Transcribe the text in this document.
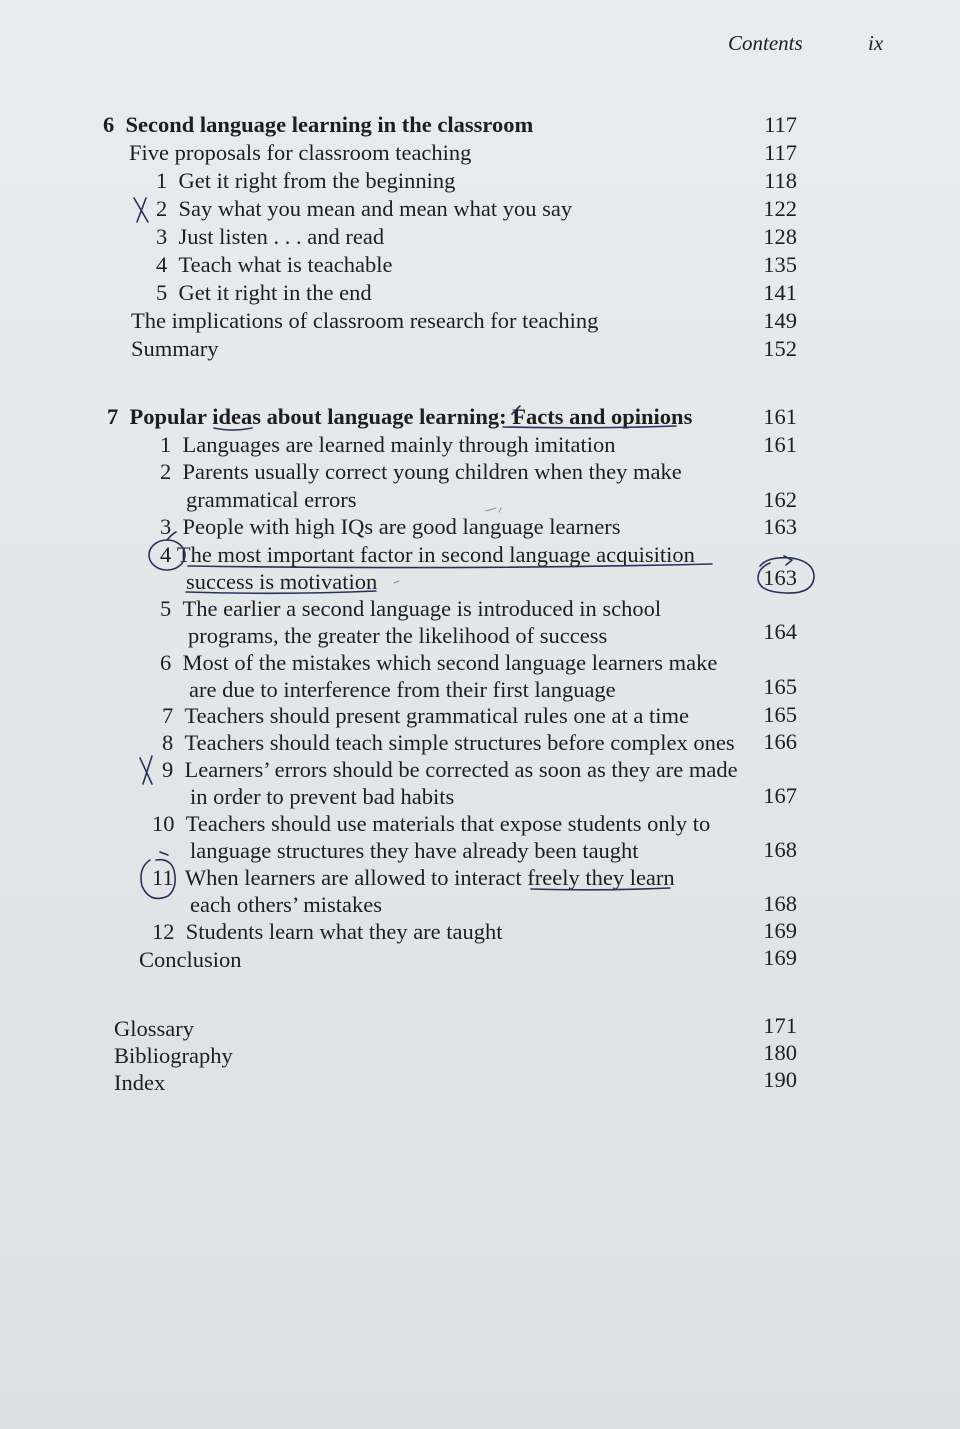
Contents	ix
6 Second language learning in the classroom	117
Five proposals for classroom teaching	117
1 Get it right from the beginning	118
2 Say what you mean and mean what you say	122
3 Just listen . . . and read	128
4 Teach what is teachable	135
5 Get it right in the end	141
The implications of classroom research for teaching	149
Summary	152
7 Popular ideas about language learning: Facts and opinions	161
1 Languages are learned mainly through imitation	161
2 Parents usually correct young children when they make
grammatical errors	162
3 People with high IQs are good language learners	163
4 The most important factor in second language acquisition
success is motivation	163
5 The earlier a second language is introduced in school
programs, the greater the likelihood of success	164
6 Most of the mistakes which second language learners make
are due to interference from their first language	165
7 Teachers should present grammatical rules one at a time	165
8 Teachers should teach simple structures before complex ones	166
9 Learners’ errors should be corrected as soon as they are made
in order to prevent bad habits	167
10 Teachers should use materials that expose students only to
language structures they have already been taught	168
11 When learners are allowed to interact freely they learn
each others’ mistakes	168
12 Students learn what they are taught	169
Conclusion	169
Glossary	171
Bibliography	180
Index	190
